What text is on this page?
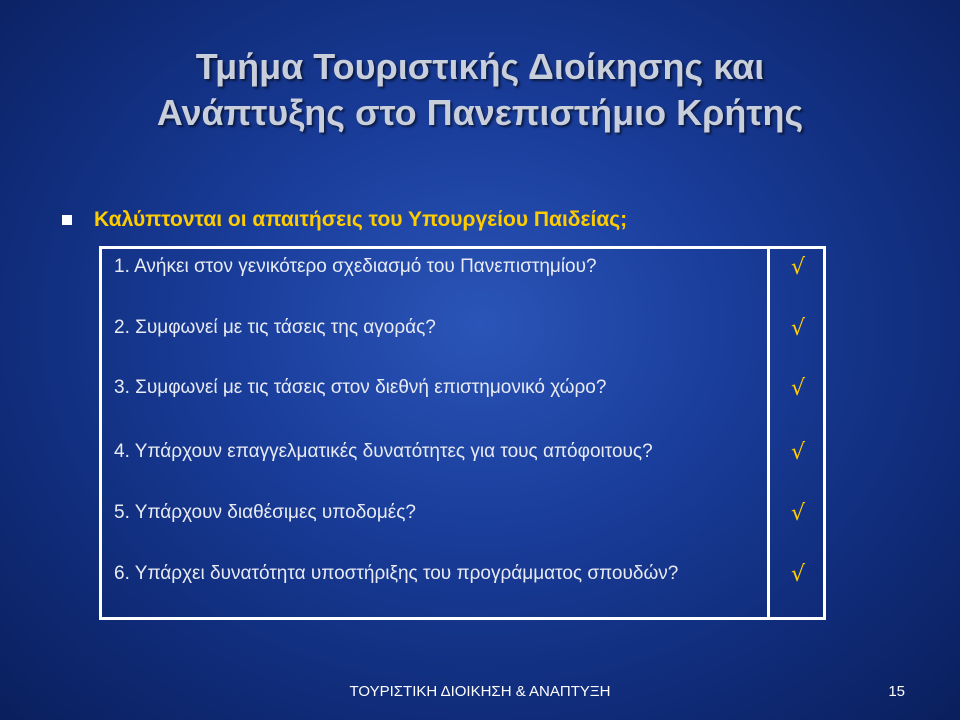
Τμήμα Τουριστικής Διοίκησης και
Ανάπτυξης στο Πανεπιστήμιο Κρήτης
Καλύπτονται οι απαιτήσεις του Υπουργείου Παιδείας;
1. Ανήκει στον γενικότερο σχεδιασμό του Πανεπιστημίου?	√
2. Συμφωνεί με τις τάσεις της αγοράς?	√
3. Συμφωνεί με τις τάσεις στον διεθνή επιστημονικό χώρο?	√
4. Υπάρχουν επαγγελματικές δυνατότητες για τους απόφοιτους?	√
5. Υπάρχουν διαθέσιμες υποδομές?	√
6. Υπάρχει δυνατότητα υποστήριξης του προγράμματος σπουδών?	√
ΤΟΥΡΙΣΤΙΚΗ ΔΙΟΙΚΗΣΗ & ΑΝΑΠΤΥΞΗ	15
